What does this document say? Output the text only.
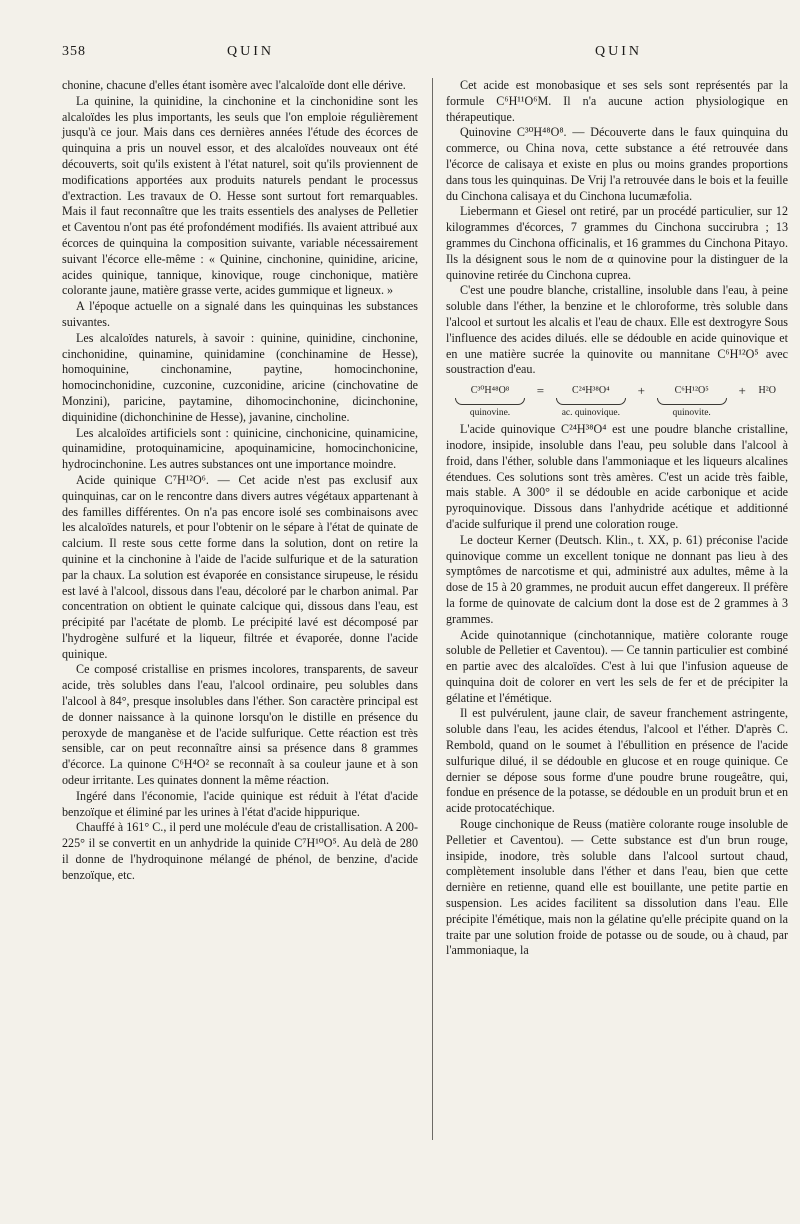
358	QUIN	QUIN

chonine, chacune d'elles étant isomère avec l'alcaloïde dont elle dérive.

La quinine, la quinidine, la cinchonine et la cinchonidine sont les alcaloïdes les plus importants, les seuls que l'on emploie régulièrement jusqu'à ce jour. Mais dans ces dernières années l'étude des écorces de quinquina a pris un nouvel essor, et des alcaloïdes nouveaux ont été découverts, soit qu'ils existent à l'état naturel, soit qu'ils proviennent de modifications apportées aux produits naturels pendant le processus d'extraction. Les travaux de O. Hesse sont surtout fort remarquables. Mais il faut reconnaître que les traits essentiels des analyses de Pelletier et Caventou n'ont pas été profondément modifiés. Ils avaient attribué aux écorces de quinquina la composition suivante, variable nécessairement suivant l'écorce elle-même : « Quinine, cinchonine, quinidine, aricine, acides quinique, tannique, kinovique, rouge cinchonique, matière colorante jaune, matière grasse verte, acides gummique et ligneux. »

A l'époque actuelle on a signalé dans les quinquinas les substances suivantes.

Les alcaloïdes naturels, à savoir : quinine, quinidine, cinchonine, cinchonidine, quinamine, quinidamine (conchinamine de Hesse), homoquinine, cinchonamine, paytine, homocinchonine, homocinchonidine, cuzconine, cuzconidine, aricine (cinchovatine de Monzini), paricine, paytamine, dihomocinchonine, dicinchonine, diquinidine (dichonchinine de Hesse), javanine, cincholine.

Les alcaloïdes artificiels sont : quinicine, cinchonicine, quinamicine, quinamidine, protoquinamicine, apoquinamicine, homocinchonicine, hydrocinchonine. Les autres substances ont une importance moindre.

Acide quinique C⁷H¹²O⁶. — Cet acide n'est pas exclusif aux quinquinas, car on le rencontre dans divers autres végétaux appartenant à des familles différentes. On n'a pas encore isolé ses combinaisons avec les alcaloïdes naturels, et pour l'obtenir on le sépare à l'état de quinate de calcium. Il reste sous cette forme dans la solution, dont on retire la quinine et la cinchonine à l'aide de l'acide sulfurique et de la saturation par la chaux. La solution est évaporée en consistance sirupeuse, le résidu est lavé à l'alcool, dissous dans l'eau, décoloré par le charbon animal. Par concentration on obtient le quinate calcique qui, dissous dans l'eau, est précipité par l'acétate de plomb. Le précipité lavé est décomposé par l'hydrogène sulfuré et la liqueur, filtrée et évaporée, donne l'acide quinique.

Ce composé cristallise en prismes incolores, transparents, de saveur acide, très solubles dans l'eau, l'alcool ordinaire, peu solubles dans l'alcool à 84°, presque insolubles dans l'éther. Son caractère principal est de donner naissance à la quinone lorsqu'on le distille en présence du peroxyde de manganèse et de l'acide sulfurique. Cette réaction est très sensible, car on peut reconnaître ainsi sa présence dans 8 grammes d'écorce. La quinone C⁶H⁴O² se reconnaît à sa couleur jaune et à son odeur irritante. Les quinates donnent la même réaction.

Ingéré dans l'économie, l'acide quinique est réduit à l'état d'acide benzoïque et éliminé par les urines à l'état d'acide hippurique.

Chauffé à 161° C., il perd une molécule d'eau de cristallisation. A 200-225° il se convertit en un anhydride la quinide C⁷H¹⁰O⁵. Au delà de 280 il donne de l'hydroquinone mélangé de phénol, de benzine, d'acide benzoïque, etc.

Cet acide est monobasique et ses sels sont représentés par la formule C⁶H¹¹O⁶M. Il n'a aucune action physiologique en thérapeutique.

Quinovine C³⁰H⁴⁸O⁸. — Découverte dans le faux quinquina du commerce, ou China nova, cette substance a été retrouvée dans l'écorce de calisaya et existe en plus ou moins grandes proportions dans tous les quinquinas. De Vrij l'a retrouvée dans le bois et la feuille du Cinchona calisaya et du Cinchona lucumæfolia.

Liebermann et Giesel ont retiré, par un procédé particulier, sur 12 kilogrammes d'écorces, 7 grammes du Cinchona succirubra ; 13 grammes du Cinchona officinalis, et 16 grammes du Cinchona Pitayo. Ils la désignent sous le nom de α quinovine pour la distinguer de la quinovine retirée du Cinchona cuprea.

C'est une poudre blanche, cristalline, insoluble dans l'eau, à peine soluble dans l'éther, la benzine et le chloroforme, très soluble dans l'alcool et surtout les alcalis et l'eau de chaux. Elle est dextrogyre Sous l'influence des acides dilués. elle se dédouble en acide quinovique et en une matière sucrée la quinovite ou mannitane C⁶H¹²O⁵ avec soustraction d'eau.

C³⁰H⁴⁸O⁸
quinovine.
=	C²⁴H³⁸O⁴
ac. quinovique.
+	C⁶H¹²O⁵
quinovite.
+ H²O

L'acide quinovique C²⁴H³⁸O⁴ est une poudre blanche cristalline, inodore, insipide, insoluble dans l'eau, peu soluble dans l'alcool à froid, dans l'éther, soluble dans l'ammoniaque et les liqueurs alcalines étendues. Ces solutions sont très amères. C'est un acide très faible, mais stable. A 300° il se dédouble en acide carbonique et acide pyroquinovique. Dissous dans l'anhydride acétique et additionné d'acide sulfurique il prend une coloration rouge.

Le docteur Kerner (Deutsch. Klin., t. XX, p. 61) préconise l'acide quinovique comme un excellent tonique ne donnant pas lieu à des symptômes de narcotisme et qui, administré aux adultes, même à la dose de 15 à 20 grammes, ne produit aucun effet dangereux. Il préfère la forme de quinovate de calcium dont la dose est de 2 grammes à 3 grammes.

Acide quinotannique (cinchotannique, matière colorante rouge soluble de Pelletier et Caventou). — Ce tannin particulier est combiné en partie avec des alcaloïdes. C'est à lui que l'infusion aqueuse de quinquina doit de colorer en vert les sels de fer et de précipiter la gélatine et l'émétique.

Il est pulvérulent, jaune clair, de saveur franchement astringente, soluble dans l'eau, les acides étendus, l'alcool et l'éther. D'après C. Rembold, quand on le soumet à l'ébullition en présence de l'acide sulfurique dilué, il se dédouble en glucose et en rouge quinique. Ce dernier se dépose sous forme d'une poudre brune rougeâtre, qui, fondue en présence de la potasse, se dédouble en un produit brun et en acide protocatéchique.

Rouge cinchonique de Reuss (matière colorante rouge insoluble de Pelletier et Caventou). — Cette substance est d'un brun rouge, insipide, inodore, très soluble dans l'alcool surtout chaud, complètement insoluble dans l'éther et dans l'eau, bien que cette dernière en retienne, quand elle est bouillante, une petite partie en suspension. Les acides facilitent sa dissolution dans l'eau. Elle précipite l'émétique, mais non la gélatine qu'elle précipite quand on la traite par une solution froide de potasse ou de soude, ou à chaud, par l'ammoniaque, la
